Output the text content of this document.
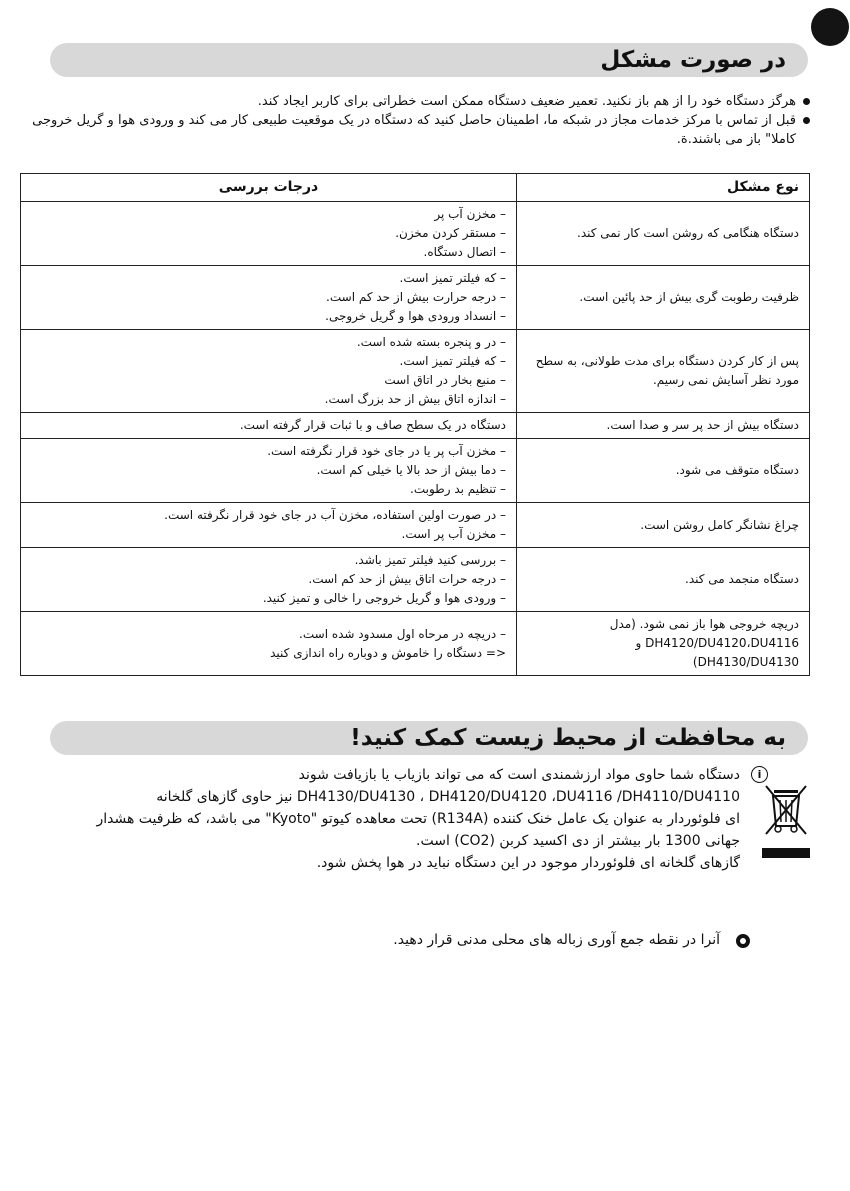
در صورت مشکل
هرگز دستگاه خود را از هم باز نکنید. تعمیر ضعیف دستگاه ممکن است خطراتی برای کاربر ایجاد کند.
قبل از تماس با مرکز خدمات مجاز در شبکه ما، اطمینان حاصل کنید که دستگاه در یک موقعیت طبیعی کار می کند و ورودی هوا و گریل خروجی کاملا" باز می باشند.ة.
نوع مشکل	درجات بررسی
دستگاه هنگامی که روشن است کار نمی کند.	– مخزن آب پر
– مستقر کردن مخزن.
– اتصال دستگاه.

ظرفیت رطوبت گری بیش از حد پائین است.	– که فیلتر تمیز است.
– درجه حرارت بیش از حد کم است.
– انسداد ورودی هوا و گریل خروجی.

پس از کار کردن دستگاه برای مدت طولانی، به سطح مورد نظر آسایش نمی رسیم.	– در و پنجره بسته شده است.
– که فیلتر تمیز است.
– منبع بخار در اتاق است
– اندازه اتاق بیش از حد بزرگ است.

دستگاه بیش از حد پر سر و صدا است.	دستگاه در یک سطح صاف و با ثبات قرار گرفته است.

دستگاه متوقف می شود.	– مخزن آب پر یا در جای خود قرار نگرفته است.
– دما بیش از حد بالا یا خیلی کم است.
– تنظیم بد رطوبت.

چراغ نشانگر کامل روشن است.	– در صورت اولین استفاده، مخزن آب در جای خود قرار نگرفته است.
– مخزن آب پر است.

دستگاه منجمد می کند.	– بررسی کنید فیلتر تمیز باشد.
– درجه حرات اتاق بیش از حد کم است.
– ورودی هوا و گریل خروجی را خالی و تمیز کنید.

دریچه خروجی هوا باز نمی شود. (مدل DH4120/DU4120،DU4116 و DH4130/DU4130)	– دریچه در مرحاه اول مسدود شده است.
<= دستگاه را خاموش و دوباره راه اندازی کنید
به محافظت از محیط زیست کمک کنید!
i
دستگاه شما حاوی مواد ارزشمندی است که می تواند بازیاب یا بازیافت شوند
DH4130/DU4130 ، DH4120/DU4120 ،DU4116 /DH4110/DU4110 نیز حاوی گازهای گلخانه
ای فلوئوردار به عنوان یک عامل خنک کننده (R134A) تحت معاهده کیوتو "Kyoto" می باشد، که ظرفیت هشدار
جهانی 1300 بار بیشتر از دی اکسید کربن (CO2) است.
گازهای گلخانه ای فلوئوردار موجود در این دستگاه نباید در هوا پخش شود.
آنرا در نقطه جمع آوری زباله های محلی مدنی قرار دهید.
